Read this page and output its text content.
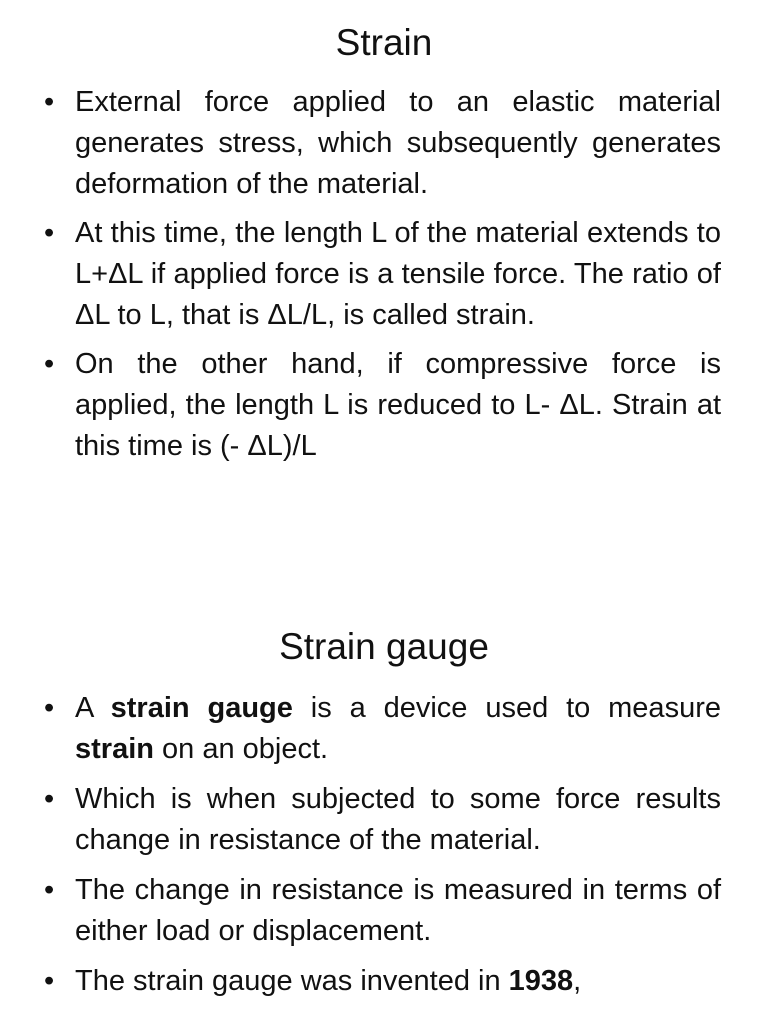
Strain
• External force applied to an elastic material generates stress, which subsequently generates deformation of the material.
• At this time, the length L of the material extends to L+ΔL if applied force is a tensile force. The ratio of ΔL to L, that is ΔL/L, is called strain.
• On the other hand, if compressive force is applied, the length L is reduced to L- ΔL. Strain at this time is (- ΔL)/L
Strain gauge
• A strain gauge is a device used to measure strain on an object.
• Which is when subjected to some force results change in resistance of the material.
• The change in resistance is measured in terms of either load or displacement.
• The strain gauge was invented in 1938,
